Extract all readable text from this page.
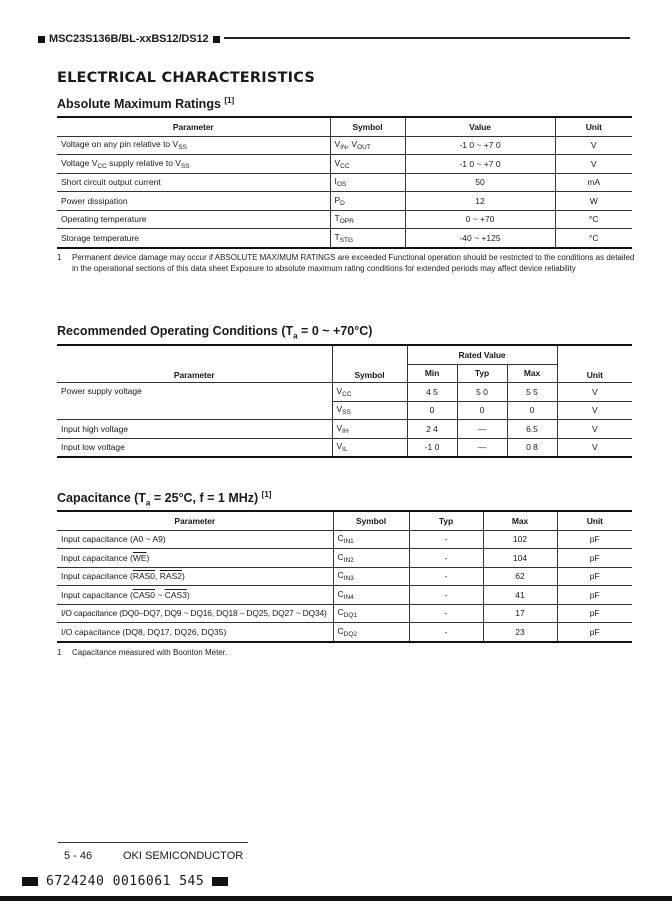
MSC23S136B/BL-xxBS12/DS12
ELECTRICAL CHARACTERISTICS
Absolute Maximum Ratings [1]
Parameter	Symbol	Value	Unit
Voltage on any pin relative to $V_{SS}$	$V_{IN}$, $V_{OUT}$	-1 0 ~ +7 0	V
Voltage $V_{CC}$ supply relative to $V_{SS}$	$V_{CC}$	-1 0 ~ +7 0	V
Short circuit output current	$I_{OS}$	50	mA
Power dissipation	$P_D$	12	W
Operating temperature	$T_{OPR}$	0 ~ +70	°C
Storage temperature	$T_{STG}$	-40 ~ +125	°C
1 Permanent device damage may occur if ABSOLUTE MAXIMUM RATINGS are exceeded Functional operation should be restricted to the conditions as detailed in the operational sections of this data sheet Exposure to absolute maximum rating conditions for extended periods may affect device reliability
Recommended Operating Conditions ($T_a = 0$ ~ +70°C)
Parameter	Symbol	Rated Value			Unit
		Min	Typ	Max	
Power supply voltage	$V_{CC}$	4 5	5 0	5 5	V
	$V_{SS}$	0	0	0	V
Input high voltage	$V_{IH}$	2 4	—	6.5	V
Input low voltage	$V_{IL}$	-1 0	—	0 8	V
Capacitance ($T_a = 25^\circ C$, f = 1 MHz) [1]
Parameter	Symbol	Typ	Max	Unit
Input capacitance (A0 ~ A9)	$C_{IN1}$	-	102	pF
Input capacitance $(\overline{WE})$	$C_{IN2}$	-	104	pF
Input capacitance (RAS0, RAS2)	$C_{IN3}$	-	62	pF
Input capacitance (CAS0 ~ CAS3)	$C_{IN4}$	-	41	pF
I/O capacitance (DQ0–DQ7, DQ9 ~ DQ16, DQ18 – DQ25, DQ27 ~ DQ34)	$C_{DQ1}$	-	17	pF
I/O capacitance (DQ8, DQ17, DQ26, DQ35)	$C_{DQ2}$	-	23	pF
1 Capacitance measured with Boonton Meter.
5 - 46	OKI SEMICONDUCTOR
6724240 0016061 545
